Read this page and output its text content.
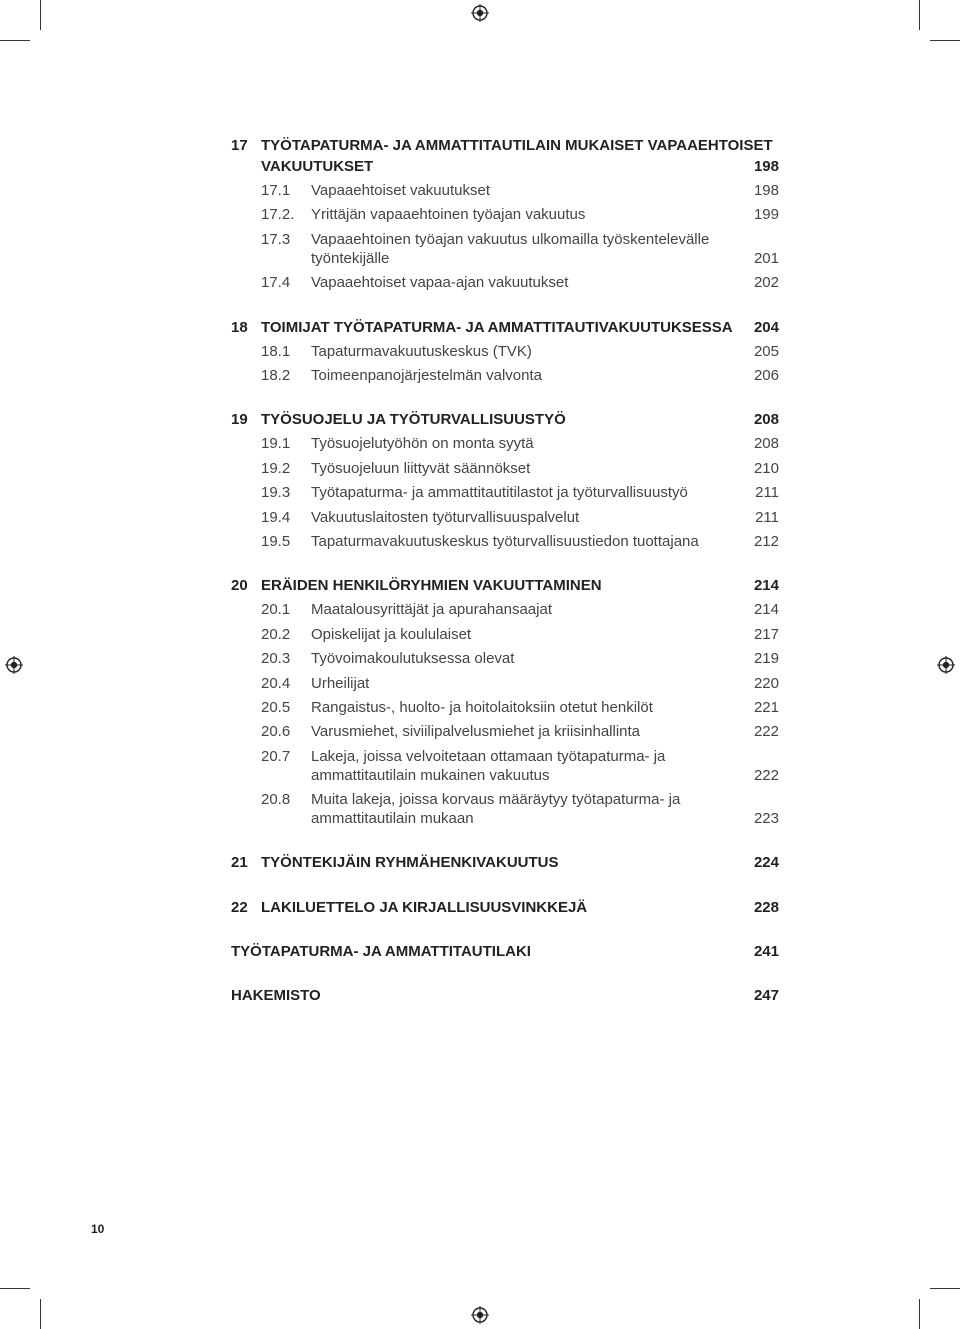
17 TYÖTAPATURMA- JA AMMATTITAUTILAIN MUKAISET VAPAAEHTOISET
VAKUUTUKSET	198
17.1 Vapaaehtoiset vakuutukset	198
17.2. Yrittäjän vapaaehtoinen työajan vakuutus	199
17.3 Vapaaehtoinen työajan vakuutus ulkomailla työskentelevälle
työntekijälle	201
17.4 Vapaaehtoiset vapaa-ajan vakuutukset	202
18 TOIMIJAT TYÖTAPATURMA- JA AMMATTITAUTIVAKUUTUKSESSA 204
18.1 Tapaturmavakuutuskeskus (TVK)	205
18.2 Toimeenpanojärjestelmän valvonta	206
19 TYÖSUOJELU JA TYÖTURVALLISUUSTYÖ	208
19.1 Työsuojelutyöhön on monta syytä	208
19.2 Työsuojeluun liittyvät säännökset	210
19.3 Työtapaturma- ja ammattitautitilastot ja työturvallisuustyö	211
19.4 Vakuutuslaitosten työturvallisuuspalvelut	211
19.5 Tapaturmavakuutuskeskus työturvallisuustiedon tuottajana	212
20 ERÄIDEN HENKILÖRYHMIEN VAKUUTTAMINEN	214
20.1 Maatalousyrittäjät ja apurahansaajat	214
20.2 Opiskelijat ja koululaiset	217
20.3 Työvoimakoulutuksessa olevat	219
20.4 Urheilijat	220
20.5 Rangaistus-, huolto- ja hoitolaitoksiin otetut henkilöt	221
20.6 Varusmiehet, siviilipalvelusmiehet ja kriisinhallinta	222
20.7 Lakeja, joissa velvoitetaan ottamaan työtapaturma- ja
ammattitautilain mukainen vakuutus	222
20.8 Muita lakeja, joissa korvaus määräytyy työtapaturma- ja
ammattitautilain mukaan	223
21 TYÖNTEKIJÄIN RYHMÄHENKIVAKUUTUS	224
22 LAKILUETTELO JA KIRJALLISUUSVINKKEJÄ	228
TYÖTAPATURMA- JA AMMATTITAUTILAKI	241
HAKEMISTO	247
10
